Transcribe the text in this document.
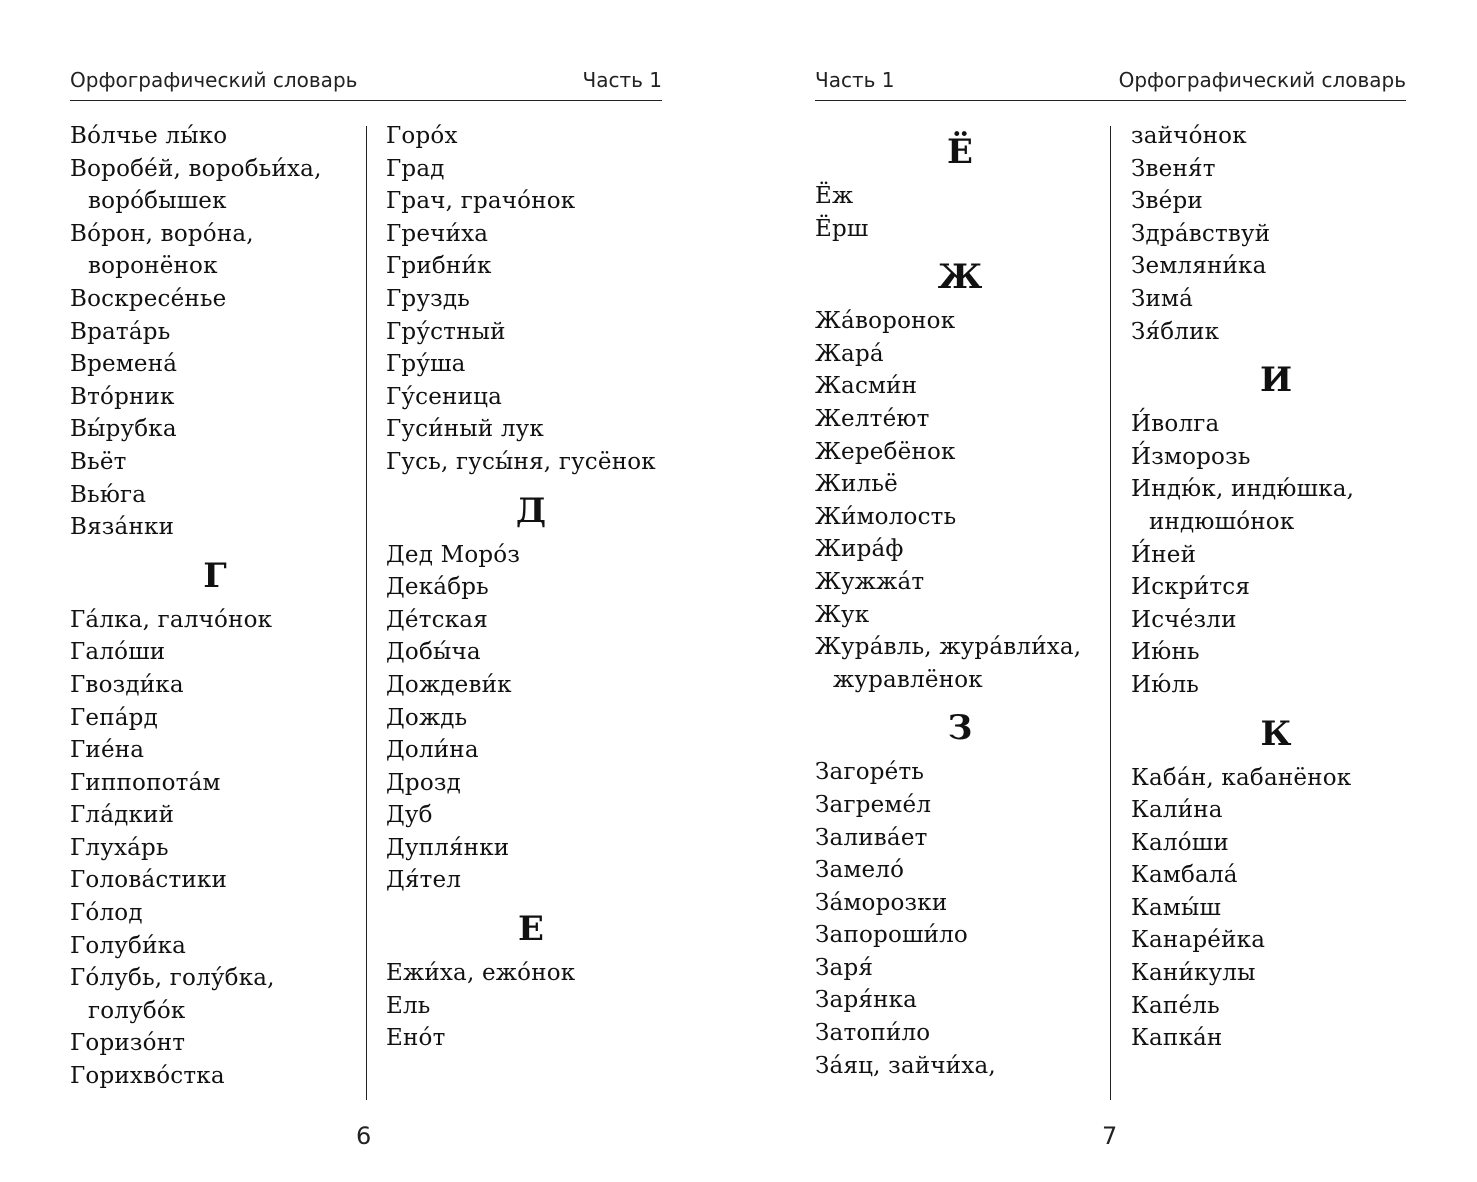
Орфографический словарь	Часть 1
Во́лчье лы́ко
Воробе́й, воробьи́ха, воро́бышек
Во́рон, воро́на, воронёнок
Воскресе́нье
Врата́рь
Времена́
Вто́рник
Вы́рубка
Вьёт
Вью́га
Вяза́нки
Г
Га́лка, галчо́нок
Гало́ши
Гвозди́ка
Гепа́рд
Гие́на
Гиппопота́м
Гла́дкий
Глуха́рь
Голова́стики
Го́лод
Голуби́ка
Го́лубь, голу́бка, голубо́к
Горизо́нт
Горихво́стка
Горо́х
Град
Грач, грачо́нок
Гречи́ха
Грибни́к
Груздь
Гру́стный
Гру́ша
Гу́сеница
Гуси́ный лук
Гусь, гусы́ня, гусёнок
Д
Дед Моро́з
Дека́брь
Де́тская
Добы́ча
Дождеви́к
Дождь
Доли́на
Дрозд
Дуб
Дупля́нки
Дя́тел
Е
Ежи́ха, ежо́нок
Ель
Ено́т
6
Часть 1	Орфографический словарь
Ё
Ёж
Ёрш
Ж
Жа́воронок
Жара́
Жасми́н
Желте́ют
Жеребёнок
Жильё
Жи́молость
Жира́ф
Жужжа́т
Жук
Жура́вль, жура́вли́ха, журавлёнок
З
Загоре́ть
Загреме́л
Залива́ет
Замело́
За́морозки
Запороши́ло
Заря́
Заря́нка
Затопи́ло
За́яц, зайчи́ха,
зайчо́нок
Звеня́т
Зве́ри
Здра́вствуй
Земляни́ка
Зима́
Зя́блик
И
И́волга
И́зморозь
Индю́к, индю́шка, индюшо́нок
И́ней
Искри́тся
Исче́зли
Ию́нь
Ию́ль
К
Каба́н, кабанёнок
Кали́на
Кало́ши
Камбала́
Камы́ш
Канаре́йка
Кани́кулы
Капе́ль
Капка́н
7
